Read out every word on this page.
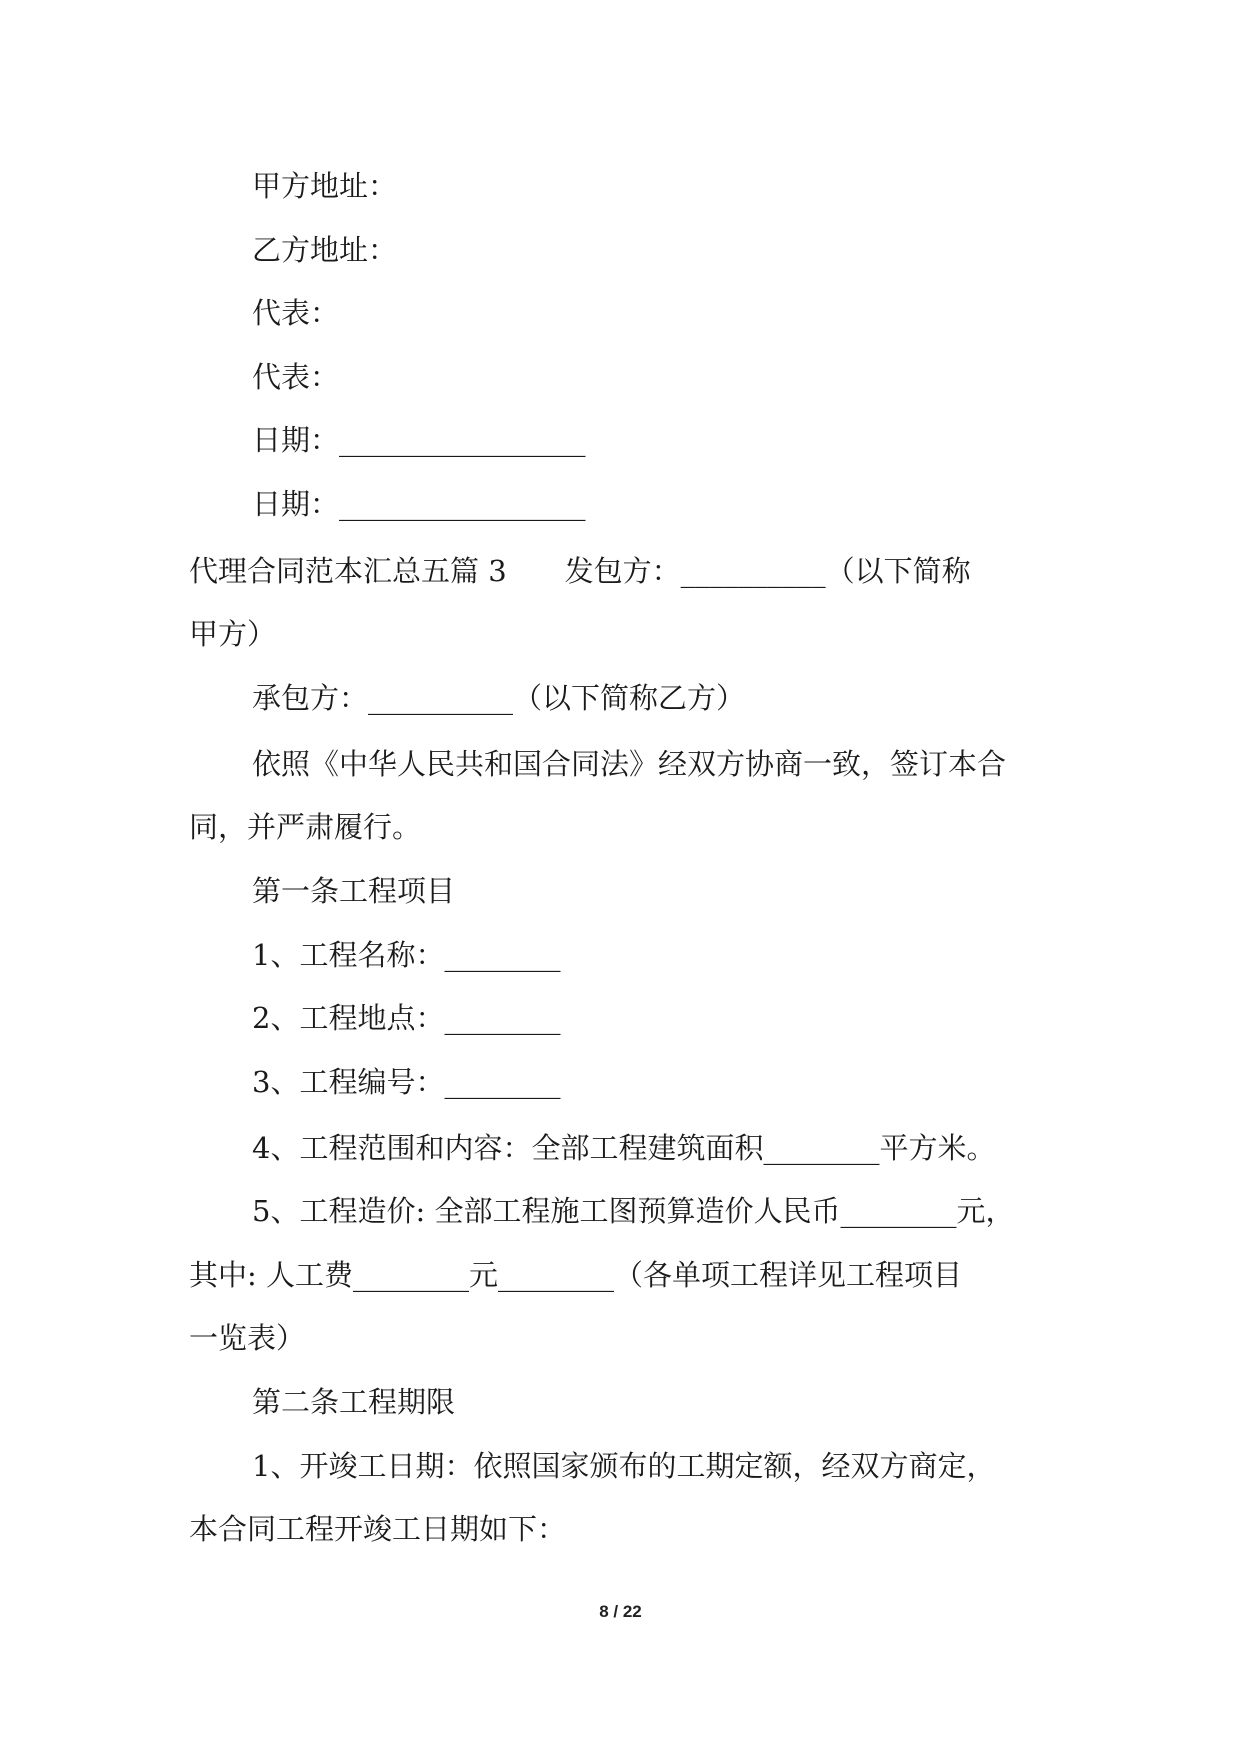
甲方地址：
乙方地址：
代表：
代表：
日期：_________________
日期：_________________
代理合同范本汇总五篇 3　　发包方：__________（以下简称
甲方）
承包方：__________（以下简称乙方）
依照《中华人民共和国合同法》经双方协商一致，签订本合
同，并严肃履行。
第一条工程项目
1、工程名称：________
2、工程地点：________
3、工程编号：________
4、工程范围和内容：全部工程建筑面积________平方米。
5、工程造价: 全部工程施工图预算造价人民币________元，
其中: 人工费________元________（各单项工程详见工程项目
一览表）
第二条工程期限
1、开竣工日期：依照国家颁布的工期定额，经双方商定，
本合同工程开竣工日期如下：
8 / 22
